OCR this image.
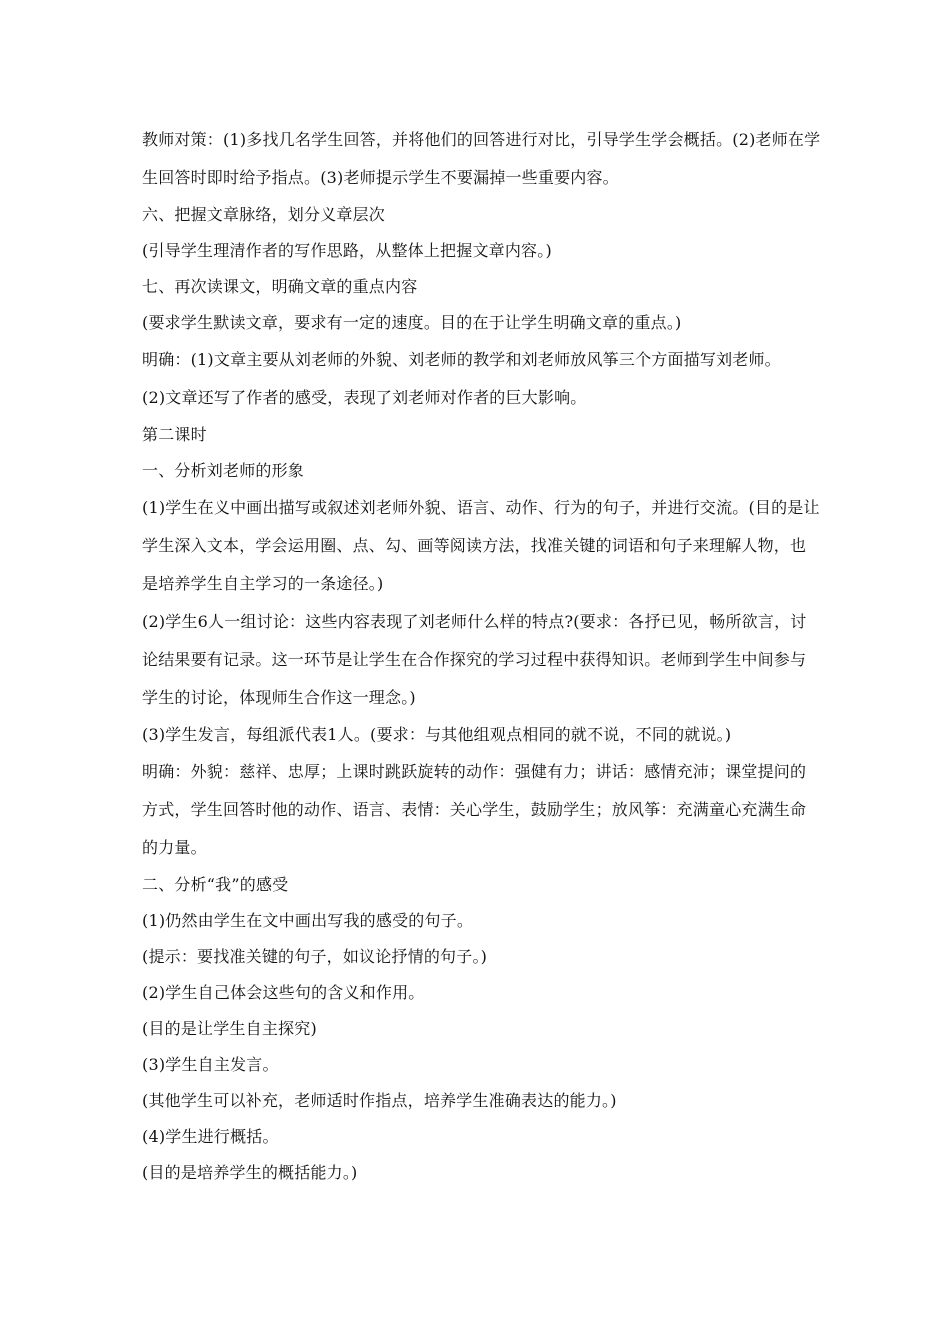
教师对策：(1)多找几名学生回答，并将他们的回答进行对比，引导学生学会概括。(2)老师在学生回答时即时给予指点。(3)老师提示学生不要漏掉一些重要内容。

六、把握文章脉络，划分义章层次

(引导学生理清作者的写作思路，从整体上把握文章内容。)

七、再次读课文，明确文章的重点内容

(要求学生默读文章，要求有一定的速度。目的在于让学生明确文章的重点。)

明确：(1)文章主要从刘老师的外貌、刘老师的教学和刘老师放风筝三个方面描写刘老师。

(2)文章还写了作者的感受，表现了刘老师对作者的巨大影响。

第二课时

一、分析刘老师的形象

(1)学生在义中画出描写或叙述刘老师外貌、语言、动作、行为的句子，并进行交流。(目的是让学生深入文本，学会运用圈、点、勾、画等阅读方法，找准关键的词语和句子来理解人物，也是培养学生自主学习的一条途径。)

(2)学生6人一组讨论：这些内容表现了刘老师什么样的特点?(要求：各抒已见，畅所欲言，讨论结果要有记录。这一环节是让学生在合作探究的学习过程中获得知识。老师到学生中间参与学生的讨论，体现师生合作这一理念。)

(3)学生发言，每组派代表1人。(要求：与其他组观点相同的就不说，不同的就说。)

明确：外貌：慈祥、忠厚；上课时跳跃旋转的动作：强健有力；讲话：感情充沛；课堂提问的方式，学生回答时他的动作、语言、表情：关心学生，鼓励学生；放风筝：充满童心充满生命的力量。

二、分析“我”的感受

(1)仍然由学生在文中画出写我的感受的句子。

(提示：要找准关键的句子，如议论抒情的句子。)

(2)学生自己体会这些句的含义和作用。

(目的是让学生自主探究)

(3)学生自主发言。

(其他学生可以补充，老师适时作指点，培养学生准确表达的能力。)

(4)学生进行概括。

(目的是培养学生的概括能力。)
